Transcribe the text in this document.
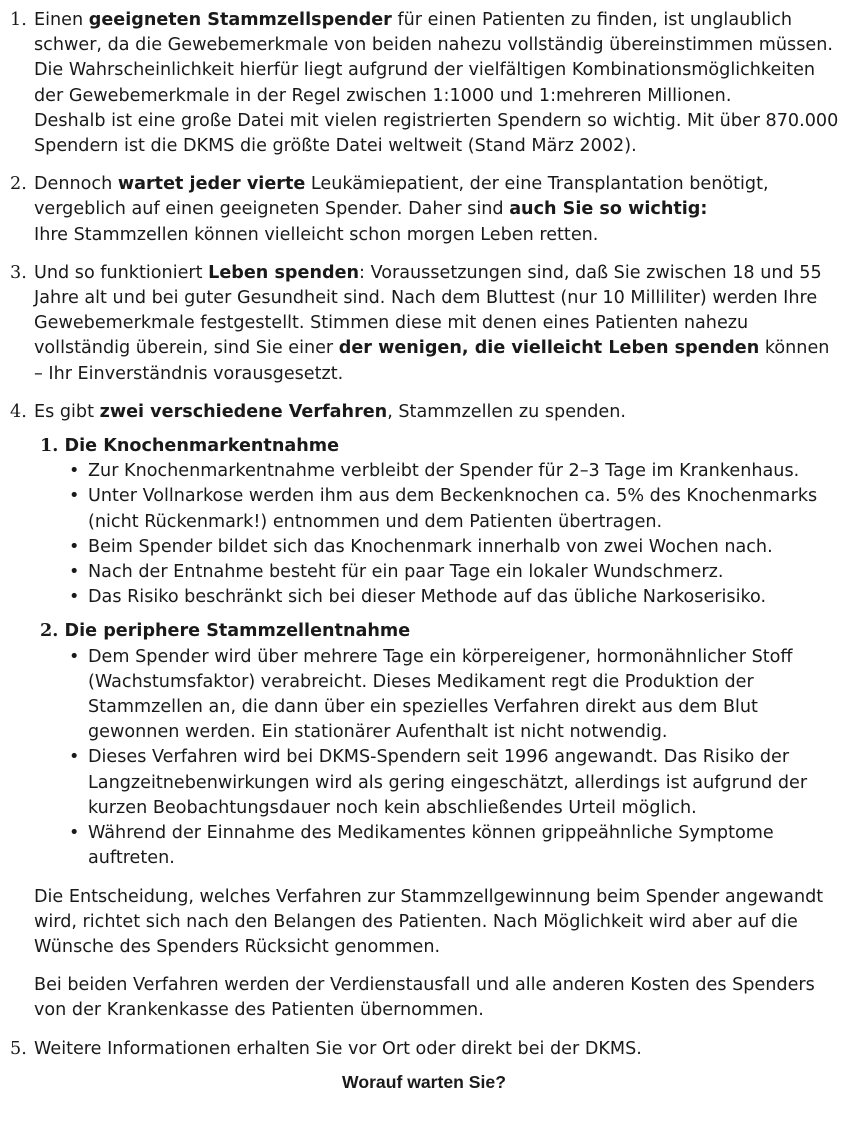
1. Einen geeigneten Stammzellspender für einen Patienten zu finden, ist unglaublich schwer, da die Gewebemerkmale von beiden nahezu vollständig übereinstimmen müssen. Die Wahrscheinlichkeit hierfür liegt aufgrund der vielfältigen Kombinationsmöglichkeiten der Gewebemerkmale in der Regel zwischen 1:1000 und 1:mehreren Millionen.
Deshalb ist eine große Datei mit vielen registrierten Spendern so wichtig. Mit über 870.000 Spendern ist die DKMS die größte Datei weltweit (Stand März 2002).
2. Dennoch wartet jeder vierte Leukämiepatient, der eine Transplantation benötigt, vergeblich auf einen geeigneten Spender. Daher sind auch Sie so wichtig:
Ihre Stammzellen können vielleicht schon morgen Leben retten.
3. Und so funktioniert Leben spenden: Voraussetzungen sind, daß Sie zwischen 18 und 55 Jahre alt und bei guter Gesundheit sind. Nach dem Bluttest (nur 10 Milliliter) werden Ihre Gewebemerkmale festgestellt. Stimmen diese mit denen eines Patienten nahezu vollständig überein, sind Sie einer der wenigen, die vielleicht Leben spenden können – Ihr Einverständnis vorausgesetzt.
4. Es gibt zwei verschiedene Verfahren, Stammzellen zu spenden.
1. Die Knochenmarkentnahme
• Zur Knochenmarkentnahme verbleibt der Spender für 2–3 Tage im Krankenhaus.
• Unter Vollnarkose werden ihm aus dem Beckenknochen ca. 5% des Knochenmarks (nicht Rückenmark!) entnommen und dem Patienten übertragen.
• Beim Spender bildet sich das Knochenmark innerhalb von zwei Wochen nach.
• Nach der Entnahme besteht für ein paar Tage ein lokaler Wundschmerz.
• Das Risiko beschränkt sich bei dieser Methode auf das übliche Narkoserisiko.
2. Die periphere Stammzellentnahme
• Dem Spender wird über mehrere Tage ein körpereigener, hormonähnlicher Stoff (Wachstumsfaktor) verabreicht. Dieses Medikament regt die Produktion der Stammzellen an, die dann über ein spezielles Verfahren direkt aus dem Blut gewonnen werden. Ein stationärer Aufenthalt ist nicht notwendig.
• Dieses Verfahren wird bei DKMS-Spendern seit 1996 angewandt. Das Risiko der Langzeitnebenwirkungen wird als gering eingeschätzt, allerdings ist aufgrund der kurzen Beobachtungsdauer noch kein abschließendes Urteil möglich.
• Während der Einnahme des Medikamentes können grippeähnliche Symptome auftreten.
Die Entscheidung, welches Verfahren zur Stammzellgewinnung beim Spender angewandt wird, richtet sich nach den Belangen des Patienten. Nach Möglichkeit wird aber auf die Wünsche des Spenders Rücksicht genommen.
Bei beiden Verfahren werden der Verdienstausfall und alle anderen Kosten des Spenders von der Krankenkasse des Patienten übernommen.
5. Weitere Informationen erhalten Sie vor Ort oder direkt bei der DKMS.
Worauf warten Sie?
